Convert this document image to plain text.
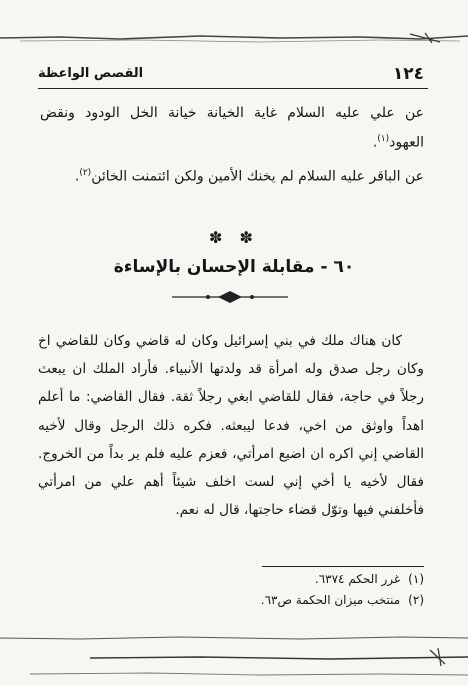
١٢٤
القصص الواعظة
عن علي عليه السلام غاية الخيانة خيانة الخل الودود ونقض العهود$^{(١)}$.
عن الباقر عليه السلام لم يخنك الأمين ولكن ائتمنت الخائن$^{(٢)}$.
✽ ✽
٦٠ - مقابلة الإحسان بالإساءة

كان هناك ملك في بني إسرائيل وكان له قاضي وكان للقاضي اخ وكان رجل صدق وله امرأة قد ولدتها الأنبياء. فأراد الملك ان يبعث رجلاً في حاجة، فقال للقاضي ابغي رجلاً ثقة. فقال القاضي: ما أعلم اهداً واوثق من اخي، فدعا ليبعثه. فكره ذلك الرجل وقال لأخيه القاضي إني اكره ان اضيع امرأتي، فعزم عليه فلم ير بداً من الخروج. فقال لأخيه يا أخي إني لست اخلف شيئاً أهم علي من امرأتي فأخلفني فيها وتوّل قضاء حاجتها، قال له نعم.

(١) غرر الحكم ٦٣٧٤.
(٢) منتخب ميزان الحكمة ص٦٣.
